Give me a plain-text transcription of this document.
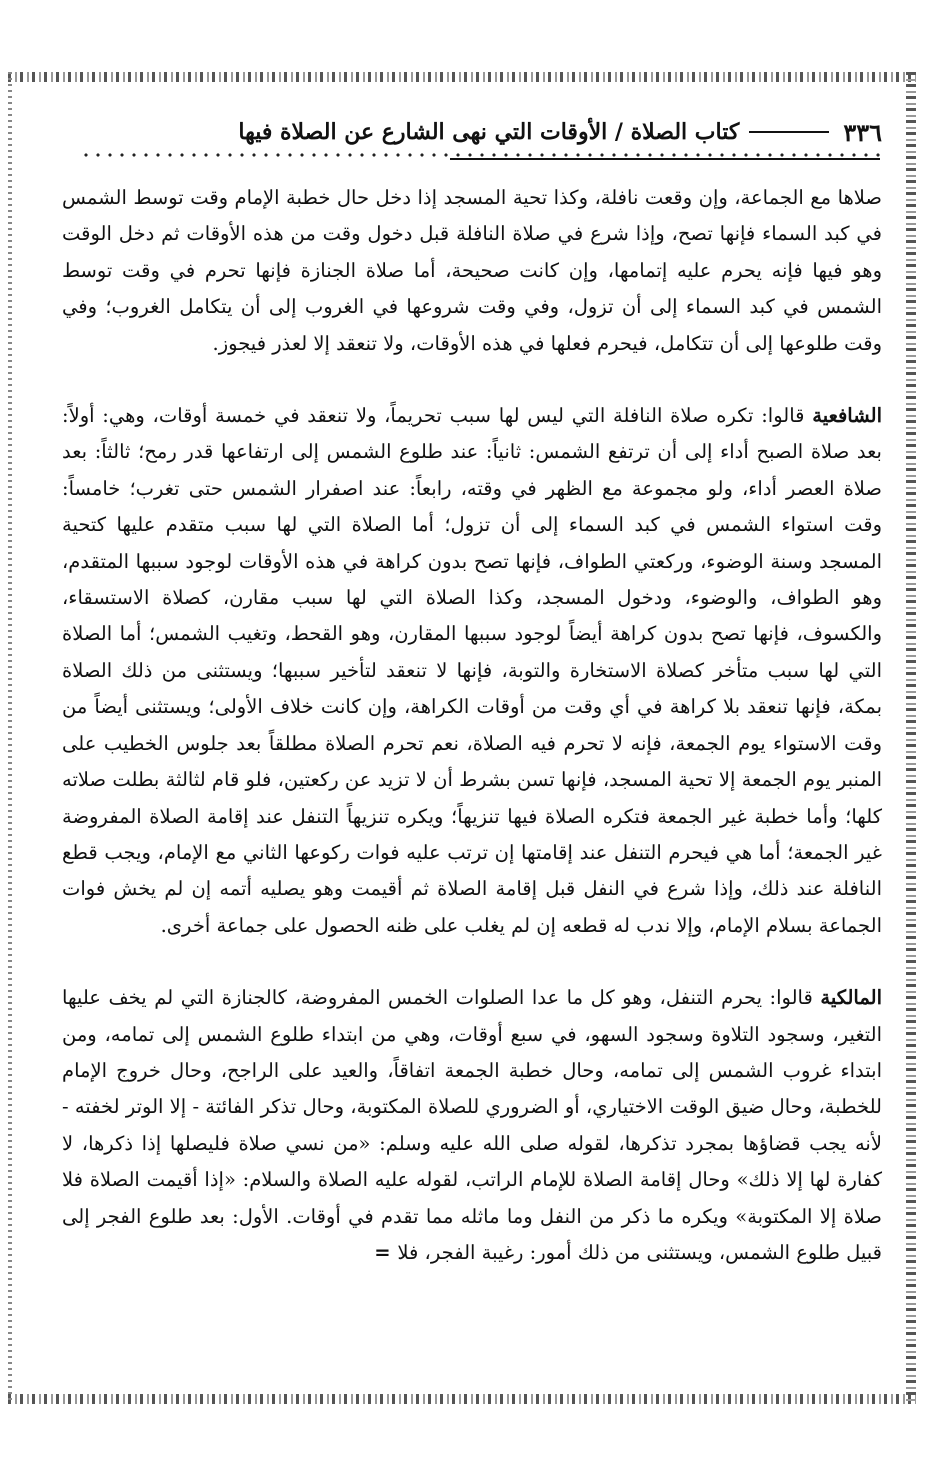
٣٣٦
كتاب الصلاة / الأوقات التي نهى الشارع عن الصلاة فيها

صلاها مع الجماعة، وإن وقعت نافلة، وكذا تحية المسجد إذا دخل حال خطبة الإمام وقت توسط الشمس في كبد السماء فإنها تصح، وإذا شرع في صلاة النافلة قبل دخول وقت من هذه الأوقات ثم دخل الوقت وهو فيها فإنه يحرم عليه إتمامها، وإن كانت صحيحة، أما صلاة الجنازة فإنها تحرم في وقت توسط الشمس في كبد السماء إلى أن تزول، وفي وقت شروعها في الغروب إلى أن يتكامل الغروب؛ وفي وقت طلوعها إلى أن تتكامل، فيحرم فعلها في هذه الأوقات، ولا تنعقد إلا لعذر فيجوز.

الشافعية قالوا: تكره صلاة النافلة التي ليس لها سبب تحريماً، ولا تنعقد في خمسة أوقات، وهي: أولاً: بعد صلاة الصبح أداء إلى أن ترتفع الشمس: ثانياً: عند طلوع الشمس إلى ارتفاعها قدر رمح؛ ثالثاً: بعد صلاة العصر أداء، ولو مجموعة مع الظهر في وقته، رابعاً: عند اصفرار الشمس حتى تغرب؛ خامساً: وقت استواء الشمس في كبد السماء إلى أن تزول؛ أما الصلاة التي لها سبب متقدم عليها كتحية المسجد وسنة الوضوء، وركعتي الطواف، فإنها تصح بدون كراهة في هذه الأوقات لوجود سببها المتقدم، وهو الطواف، والوضوء، ودخول المسجد، وكذا الصلاة التي لها سبب مقارن، كصلاة الاستسقاء، والكسوف، فإنها تصح بدون كراهة أيضاً لوجود سببها المقارن، وهو القحط، وتغيب الشمس؛ أما الصلاة التي لها سبب متأخر كصلاة الاستخارة والتوبة، فإنها لا تنعقد لتأخير سببها؛ ويستثنى من ذلك الصلاة بمكة، فإنها تنعقد بلا كراهة في أي وقت من أوقات الكراهة، وإن كانت خلاف الأولى؛ ويستثنى أيضاً من وقت الاستواء يوم الجمعة، فإنه لا تحرم فيه الصلاة، نعم تحرم الصلاة مطلقاً بعد جلوس الخطيب على المنبر يوم الجمعة إلا تحية المسجد، فإنها تسن بشرط أن لا تزيد عن ركعتين، فلو قام لثالثة بطلت صلاته كلها؛ وأما خطبة غير الجمعة فتكره الصلاة فيها تنزيهاً؛ ويكره تنزيهاً التنفل عند إقامة الصلاة المفروضة غير الجمعة؛ أما هي فيحرم التنفل عند إقامتها إن ترتب عليه فوات ركوعها الثاني مع الإمام، ويجب قطع النافلة عند ذلك، وإذا شرع في النفل قبل إقامة الصلاة ثم أقيمت وهو يصليه أتمه إن لم يخش فوات الجماعة بسلام الإمام، وإلا ندب له قطعه إن لم يغلب على ظنه الحصول على جماعة أخرى.

المالكية قالوا: يحرم التنفل، وهو كل ما عدا الصلوات الخمس المفروضة، كالجنازة التي لم يخف عليها التغير، وسجود التلاوة وسجود السهو، في سبع أوقات، وهي من ابتداء طلوع الشمس إلى تمامه، ومن ابتداء غروب الشمس إلى تمامه، وحال خطبة الجمعة اتفاقاً، والعيد على الراجح، وحال خروج الإمام للخطبة، وحال ضيق الوقت الاختياري، أو الضروري للصلاة المكتوبة، وحال تذكر الفائتة - إلا الوتر لخفته - لأنه يجب قضاؤها بمجرد تذكرها، لقوله صلى الله عليه وسلم: «من نسي صلاة فليصلها إذا ذكرها، لا كفارة لها إلا ذلك» وحال إقامة الصلاة للإمام الراتب، لقوله عليه الصلاة والسلام: «إذا أقيمت الصلاة فلا صلاة إلا المكتوبة» ويكره ما ذكر من النفل وما ماثله مما تقدم في أوقات. الأول: بعد طلوع الفجر إلى قبيل طلوع الشمس، ويستثنى من ذلك أمور: رغيبة الفجر، فلا =
